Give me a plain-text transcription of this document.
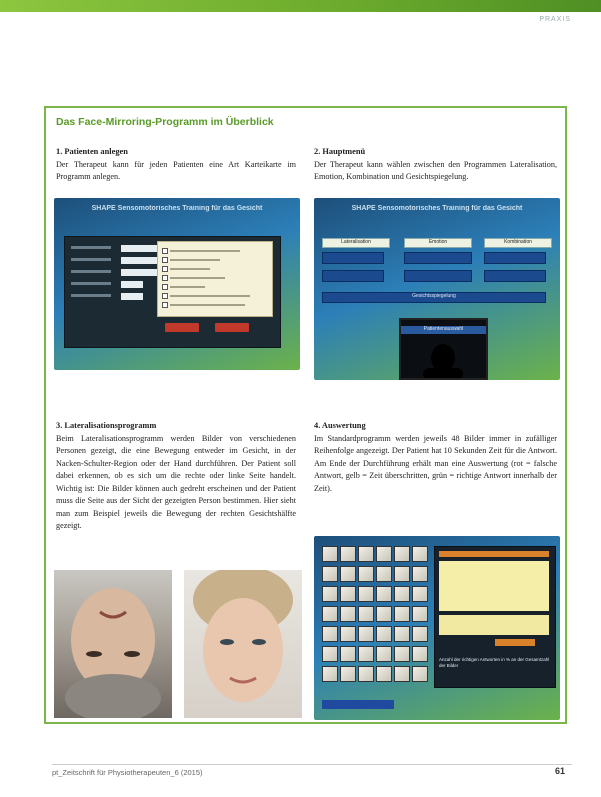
PRAXIS
Das Face-Mirroring-Programm im Überblick
1. Patienten anlegen

Der Therapeut kann für jeden Patienten eine Art Karteikarte im Programm anlegen.

2. Hauptmenü

Der Therapeut kann wählen zwischen den Programmen Lateralisation, Emotion, Kombination und Gesichtspiegelung.

SHAPE Sensomotorisches Training für das Gesicht	SHAPE Sensomotorisches Training für das Gesicht
Lateralisation	Emotion	Kombination
Gesichtsspiegelung
Patientenauswahl
3. Lateralisationsprogramm

Beim Lateralisationsprogramm werden Bilder von verschiedenen Personen gezeigt, die eine Bewegung entweder im Gesicht, in der Nacken-Schulter-Region oder der Hand durchführen. Der Patient soll dabei erkennen, ob es sich um die rechte oder linke Seite handelt. Wichtig ist: Die Bilder können auch gedreht erscheinen und der Patient muss die Seite aus der Sicht der gezeigten Person bestimmen. Hier sieht man zum Beispiel jeweils die Bewegung der rechten Gesichtshälfte gezeigt.

4. Auswertung

Im Standardprogramm werden jeweils 48 Bilder immer in zufälliger Reihenfolge angezeigt. Der Patient hat 10 Sekunden Zeit für die Antwort. Am Ende der Durchführung erhält man eine Auswertung (rot = falsche Antwort, gelb = Zeit überschritten, grün = richtige Antwort innerhalb der Zeit).

Anzahl der richtigen Antworten in % an der Gesamtzahl der Bilder
pt_Zeitschrift für Physiotherapeuten_6 (2015)	61
